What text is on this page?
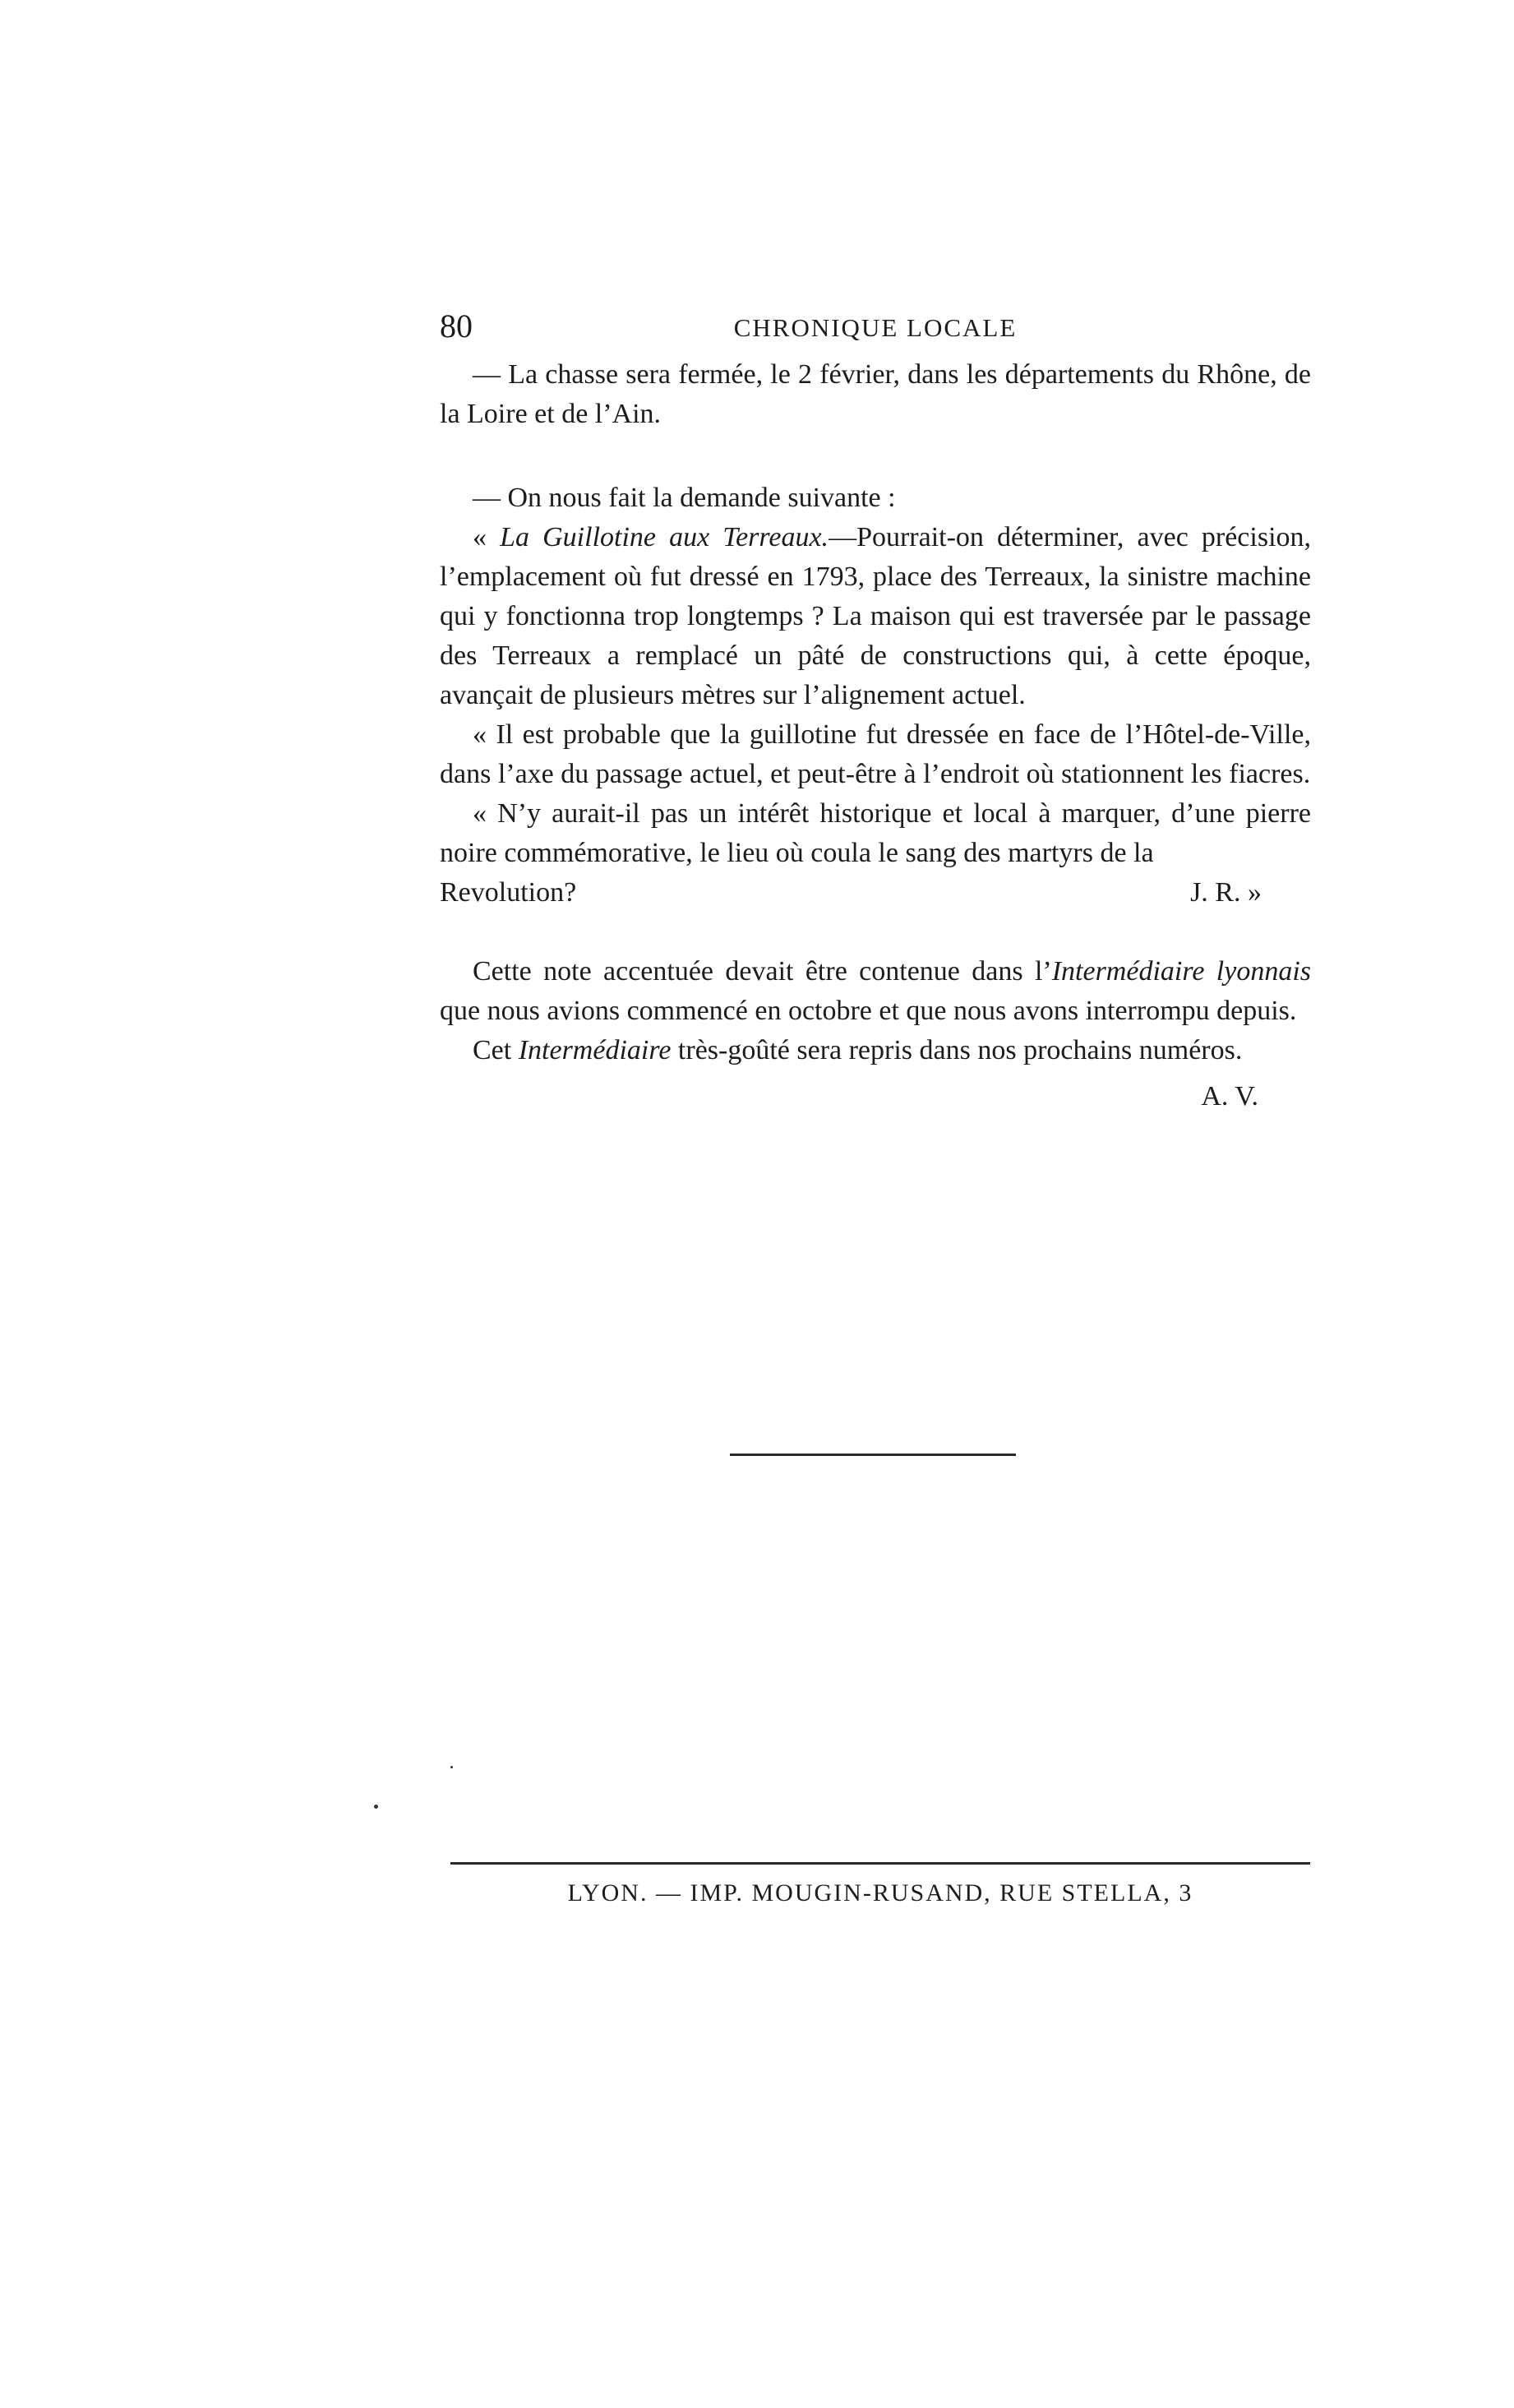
80	CHRONIQUE LOCALE

— La chasse sera fermée, le 2 février, dans les départements du Rhône, de la Loire et de l’Ain.

— On nous fait la demande suivante :

« La Guillotine aux Terreaux.—Pourrait-on déterminer, avec précision, l’emplacement où fut dressé en 1793, place des Terreaux, la sinistre machine qui y fonctionna trop longtemps ? La maison qui est traversée par le passage des Terreaux a remplacé un pâté de constructions qui, à cette époque, avançait de plusieurs mètres sur l’alignement actuel.

« Il est probable que la guillotine fut dressée en face de l’Hôtel-de-Ville, dans l’axe du passage actuel, et peut-être à l’endroit où stationnent les fiacres.

« N’y aurait-il pas un intérêt historique et local à marquer, d’une pierre noire commémorative, le lieu où coula le sang des martyrs de la

Revolution?	J. R. »

Cette note accentuée devait être contenue dans l’Intermédiaire lyonnais que nous avions commencé en octobre et que nous avons interrompu depuis.

Cet Intermédiaire très-goûté sera repris dans nos prochains numéros.

A. V.

LYON. — IMP. MOUGIN-RUSAND, RUE STELLA, 3
